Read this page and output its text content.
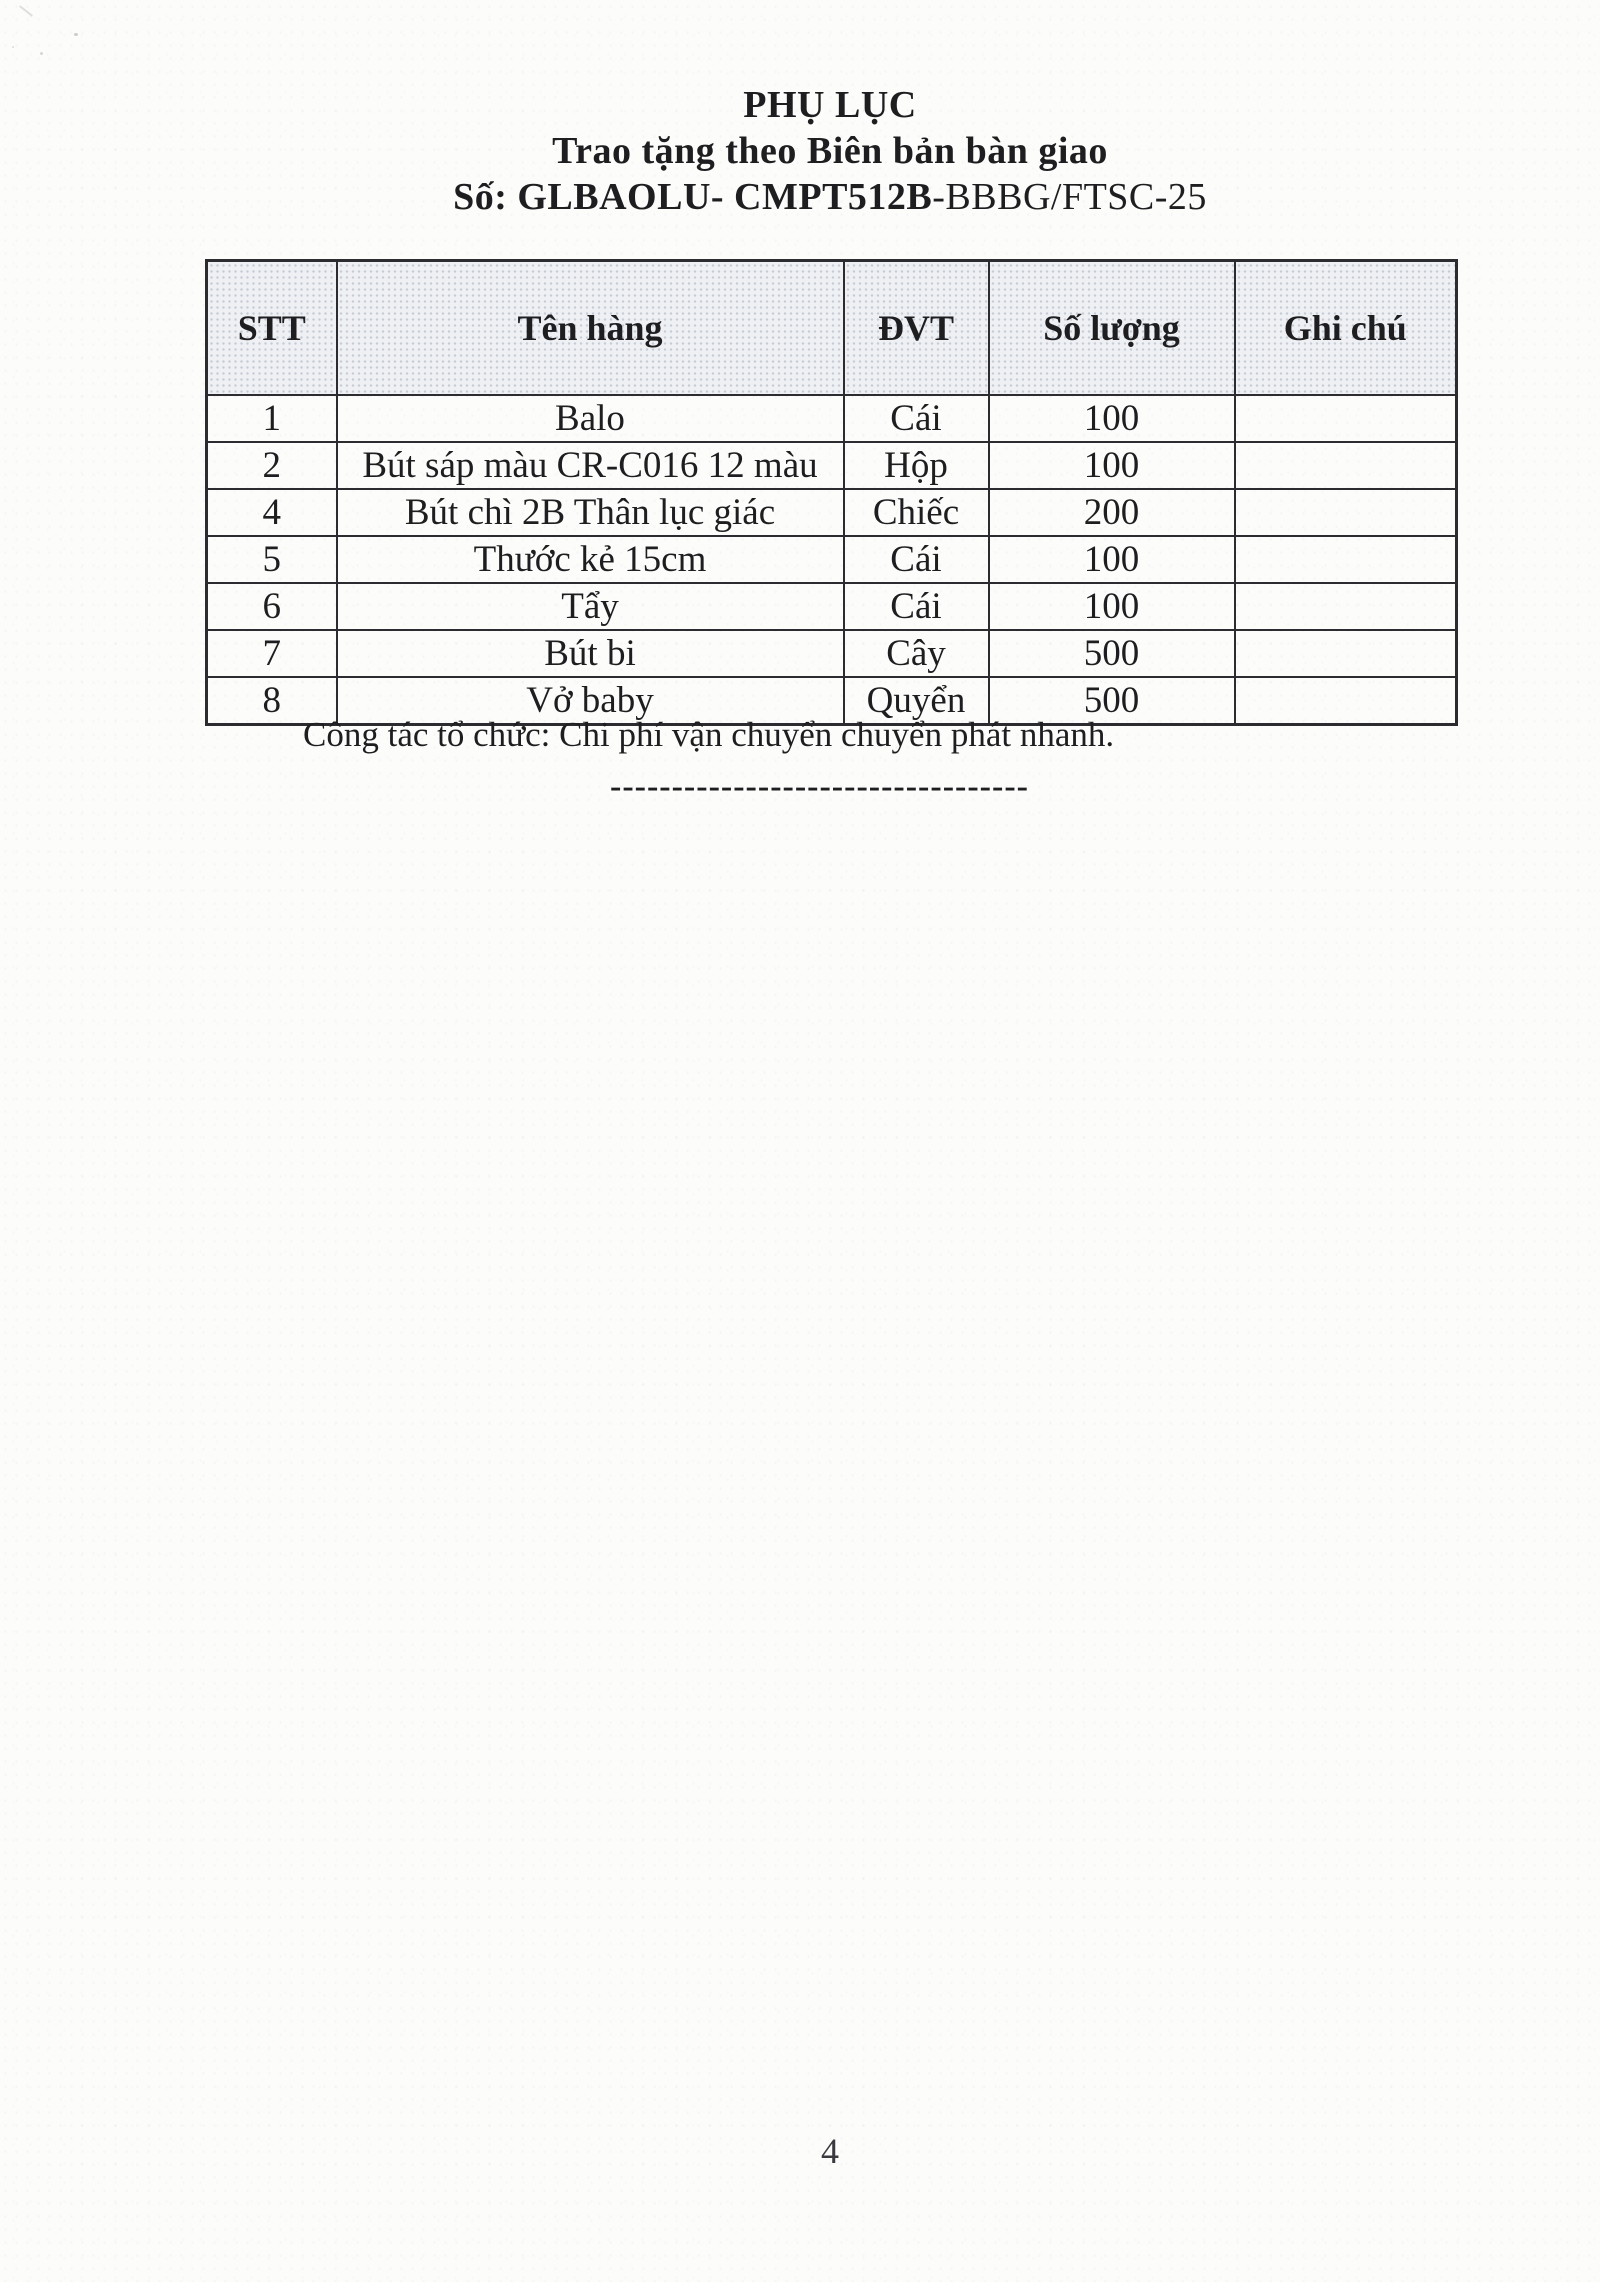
PHỤ LỤC
Trao tặng theo Biên bản bàn giao
Số: GLBAOLU- CMPT512B-BBBG/FTSC-25
STT	Tên hàng	ĐVT	Số lượng	Ghi chú
1	Balo	Cái	100	
2	Bút sáp màu CR-C016 12 màu	Hộp	100	
4	Bút chì 2B Thân lục giác	Chiếc	200	
5	Thước kẻ 15cm	Cái	100	
6	Tẩy	Cái	100	
7	Bút bi	Cây	500	
8	Vở baby	Quyển	500	
Công tác tổ chức: Chi phí vận chuyển chuyển phát nhanh.
----------------------------------
4
